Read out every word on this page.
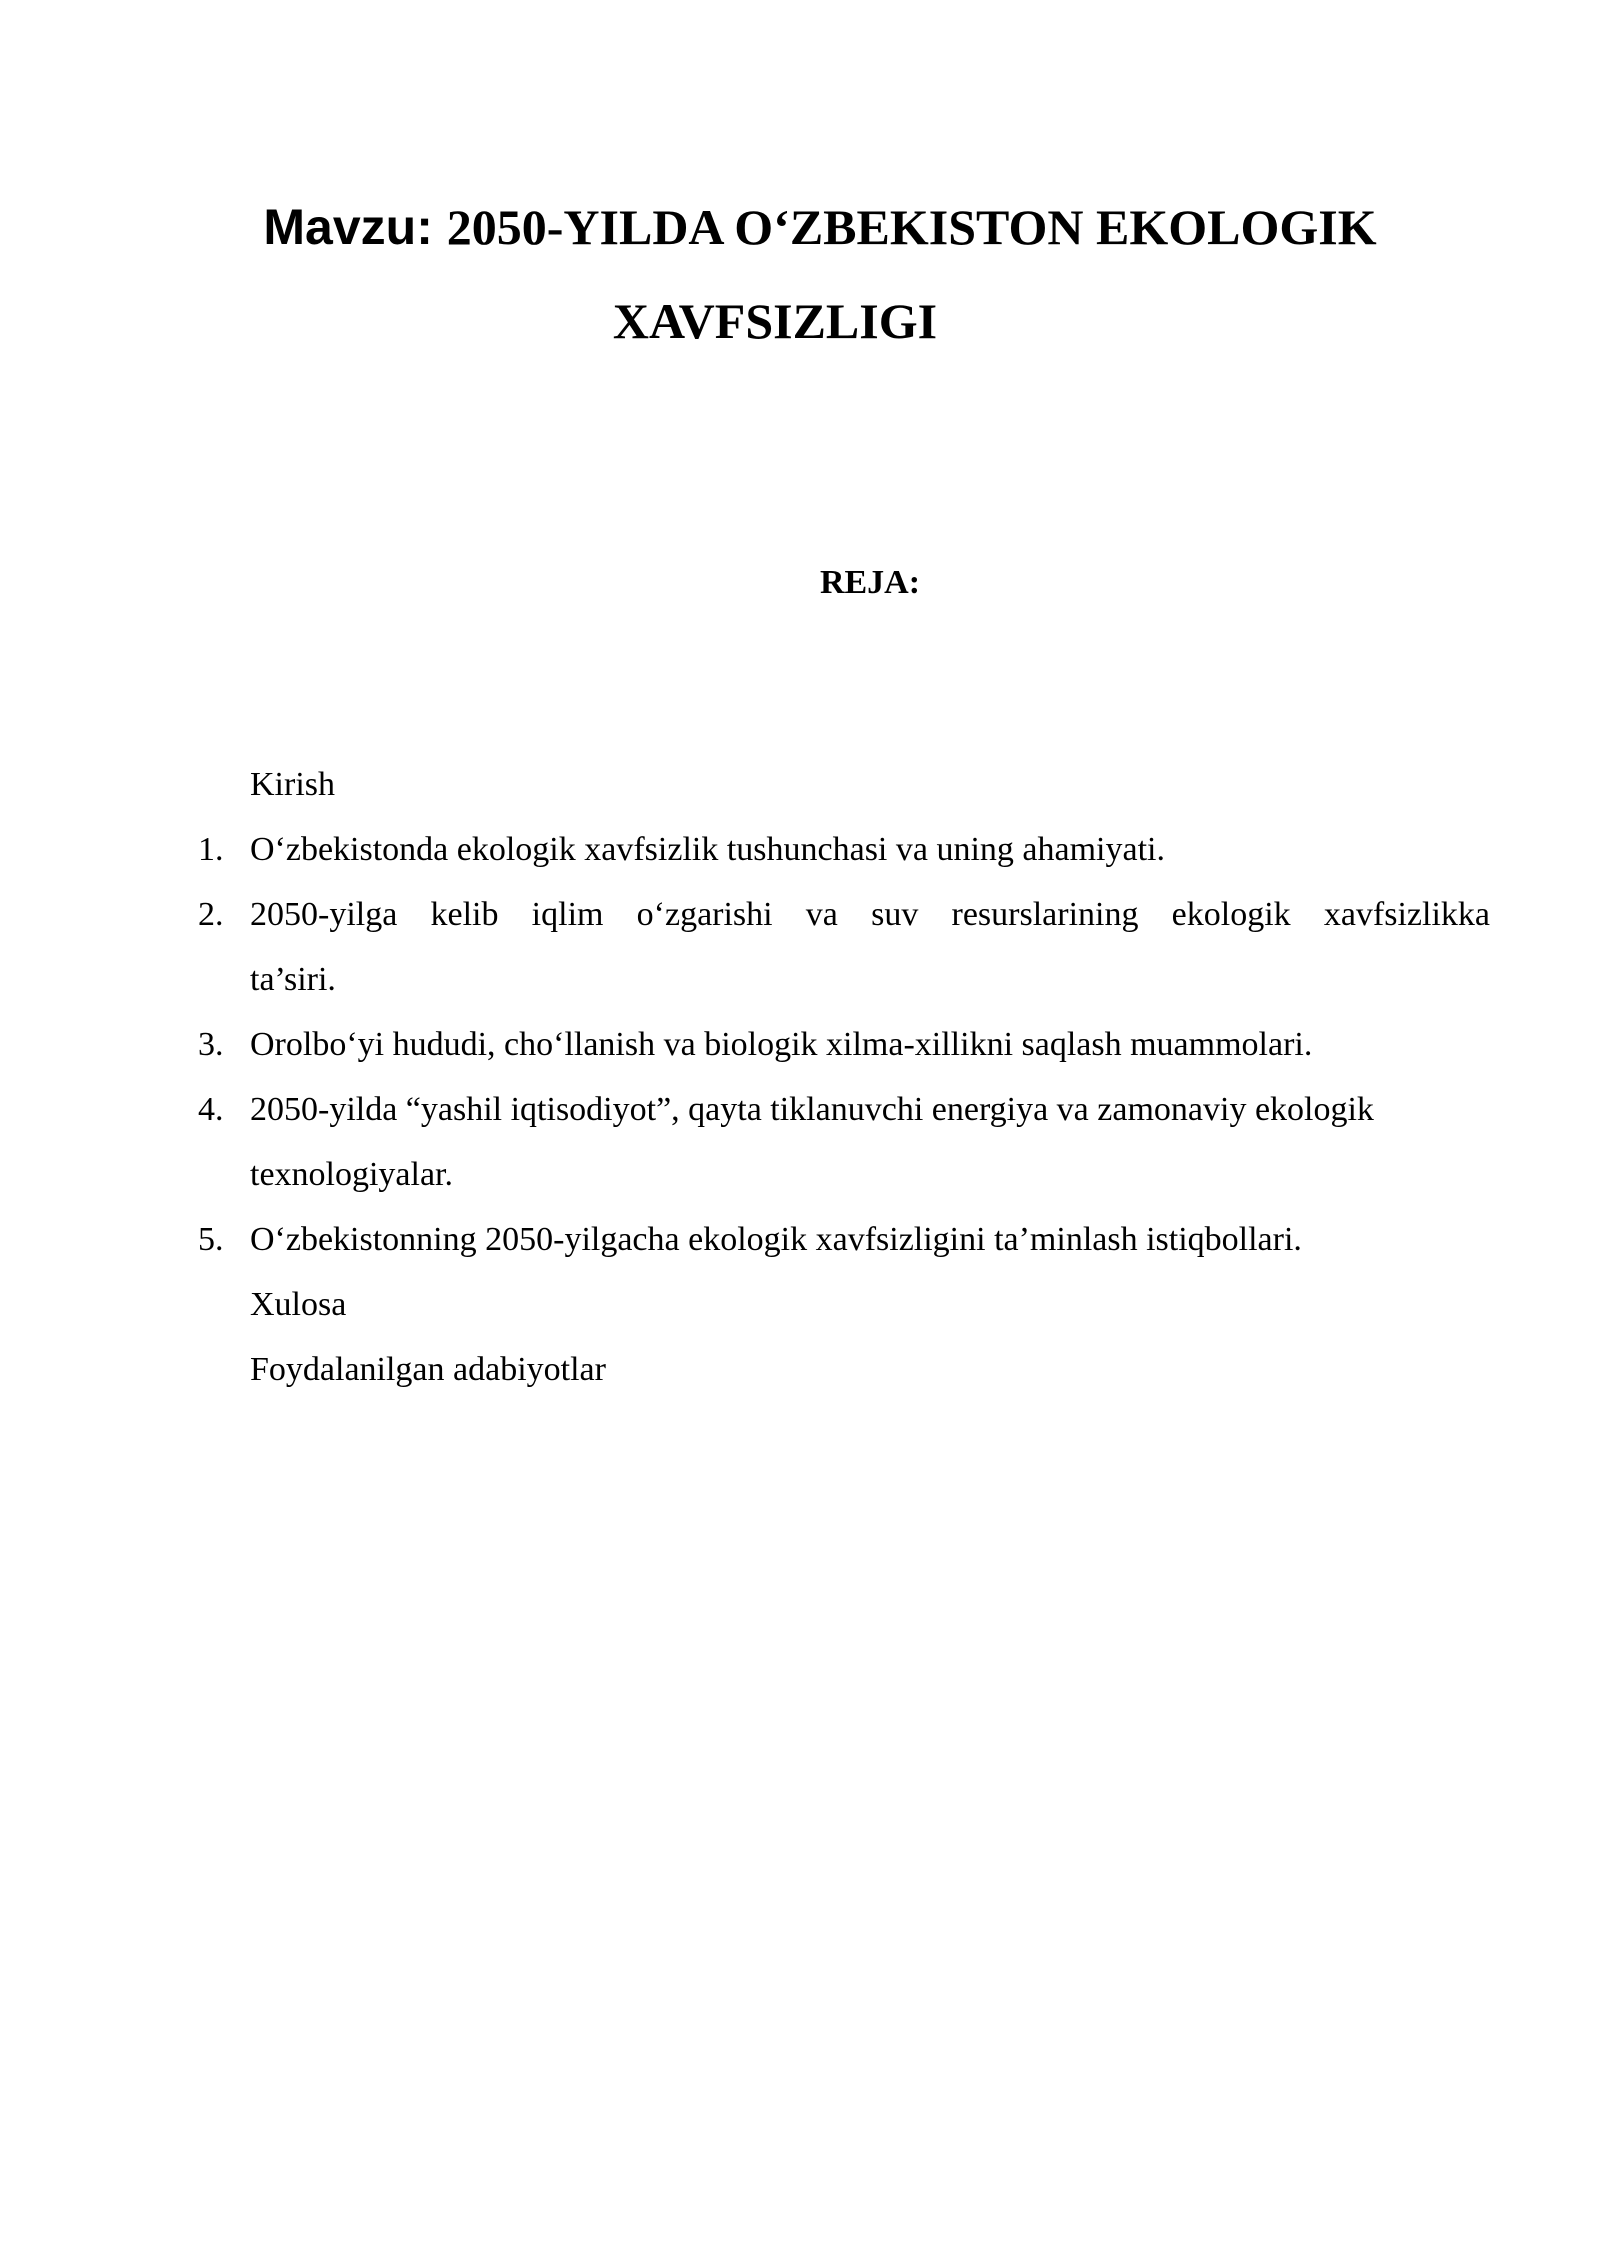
Mavzu: 2050-YILDA O‘ZBEKISTON EKOLOGIK
XAVFSIZLIGI
REJA:
Kirish
1. O‘zbekistonda ekologik xavfsizlik tushunchasi va uning ahamiyati.
2. 2050-yilga kelib iqlim o‘zgarishi va suv resurslarining ekologik xavfsizlikka
ta’siri.
3. Orolbo‘yi hududi, cho‘llanish va biologik xilma-xillikni saqlash muammolari.
4. 2050-yilda “yashil iqtisodiyot”, qayta tiklanuvchi energiya va zamonaviy ekologik
texnologiyalar.
5. O‘zbekistonning 2050-yilgacha ekologik xavfsizligini ta’minlash istiqbollari.
Xulosa
Foydalanilgan adabiyotlar
